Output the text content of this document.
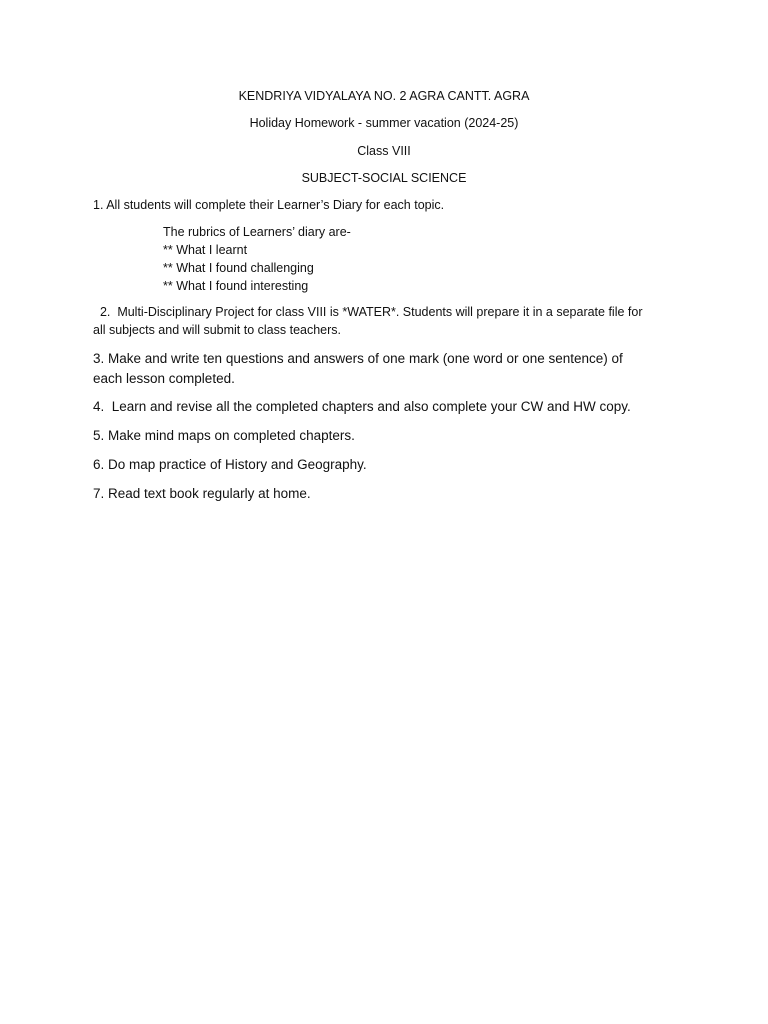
KENDRIYA VIDYALAYA NO. 2 AGRA CANTT. AGRA
Holiday Homework - summer vacation (2024-25)
Class VIII
SUBJECT-SOCIAL SCIENCE
1. All students will complete their Learner’s Diary for each topic.
The rubrics of Learners’ diary are-
** What I learnt
** What I found challenging
** What I found interesting
2.  Multi-Disciplinary Project for class VIII is *WATER*. Students will prepare it in a separate file for
all subjects and will submit to class teachers.
3. Make and write ten questions and answers of one mark (one word or one sentence) of
each lesson completed.
4.  Learn and revise all the completed chapters and also complete your CW and HW copy.
5. Make mind maps on completed chapters.
6. Do map practice of History and Geography.
7. Read text book regularly at home.
